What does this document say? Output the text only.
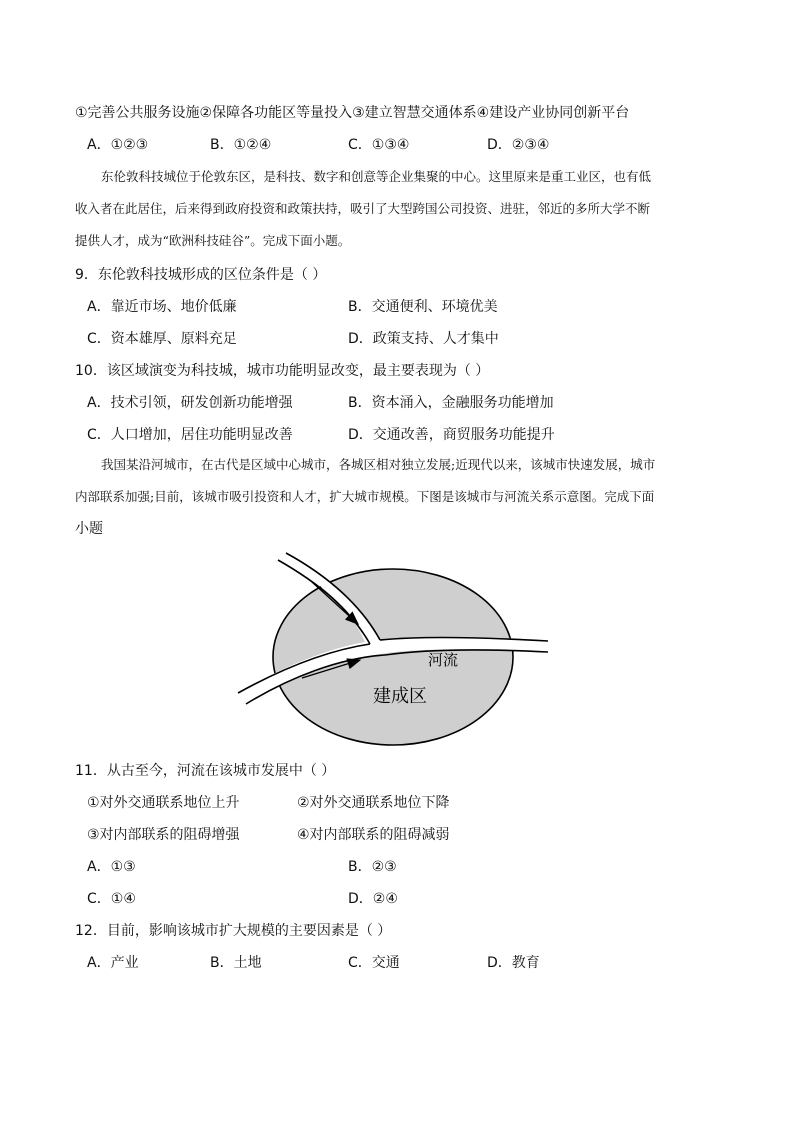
①完善公共服务设施②保障各功能区等量投入③建立智慧交通体系④建设产业协同创新平台
A．①②③	B．①②④	C．①③④	D．②③④
东伦敦科技城位于伦敦东区，是科技、数字和创意等企业集聚的中心。这里原来是重工业区，也有低
收入者在此居住，后来得到政府投资和政策扶持，吸引了大型跨国公司投资、进驻，邻近的多所大学不断
提供人才，成为“欧洲科技硅谷”。完成下面小题。
9．东伦敦科技城形成的区位条件是（ ）
A．靠近市场、地价低廉	B．交通便利、环境优美
C．资本雄厚、原料充足	D．政策支持、人才集中
10．该区域演变为科技城，城市功能明显改变，最主要表现为（ ）
A．技术引领，研发创新功能增强	B．资本涌入，金融服务功能增加
C．人口增加，居住功能明显改善	D．交通改善，商贸服务功能提升
我国某沿河城市，在古代是区域中心城市，各城区相对独立发展;近现代以来，该城市快速发展，城市
内部联系加强;目前，该城市吸引投资和人才，扩大城市规模。下图是该城市与河流关系示意图。完成下面
小题
河流
建成区
11．从古至今，河流在该城市发展中（ ）
①对外交通联系地位上升	②对外交通联系地位下降
③对内部联系的阻碍增强	④对内部联系的阻碍减弱
A．①③	B．②③
C．①④	D．②④
12．目前，影响该城市扩大规模的主要因素是（ ）
A．产业	B．土地	C．交通	D．教育
